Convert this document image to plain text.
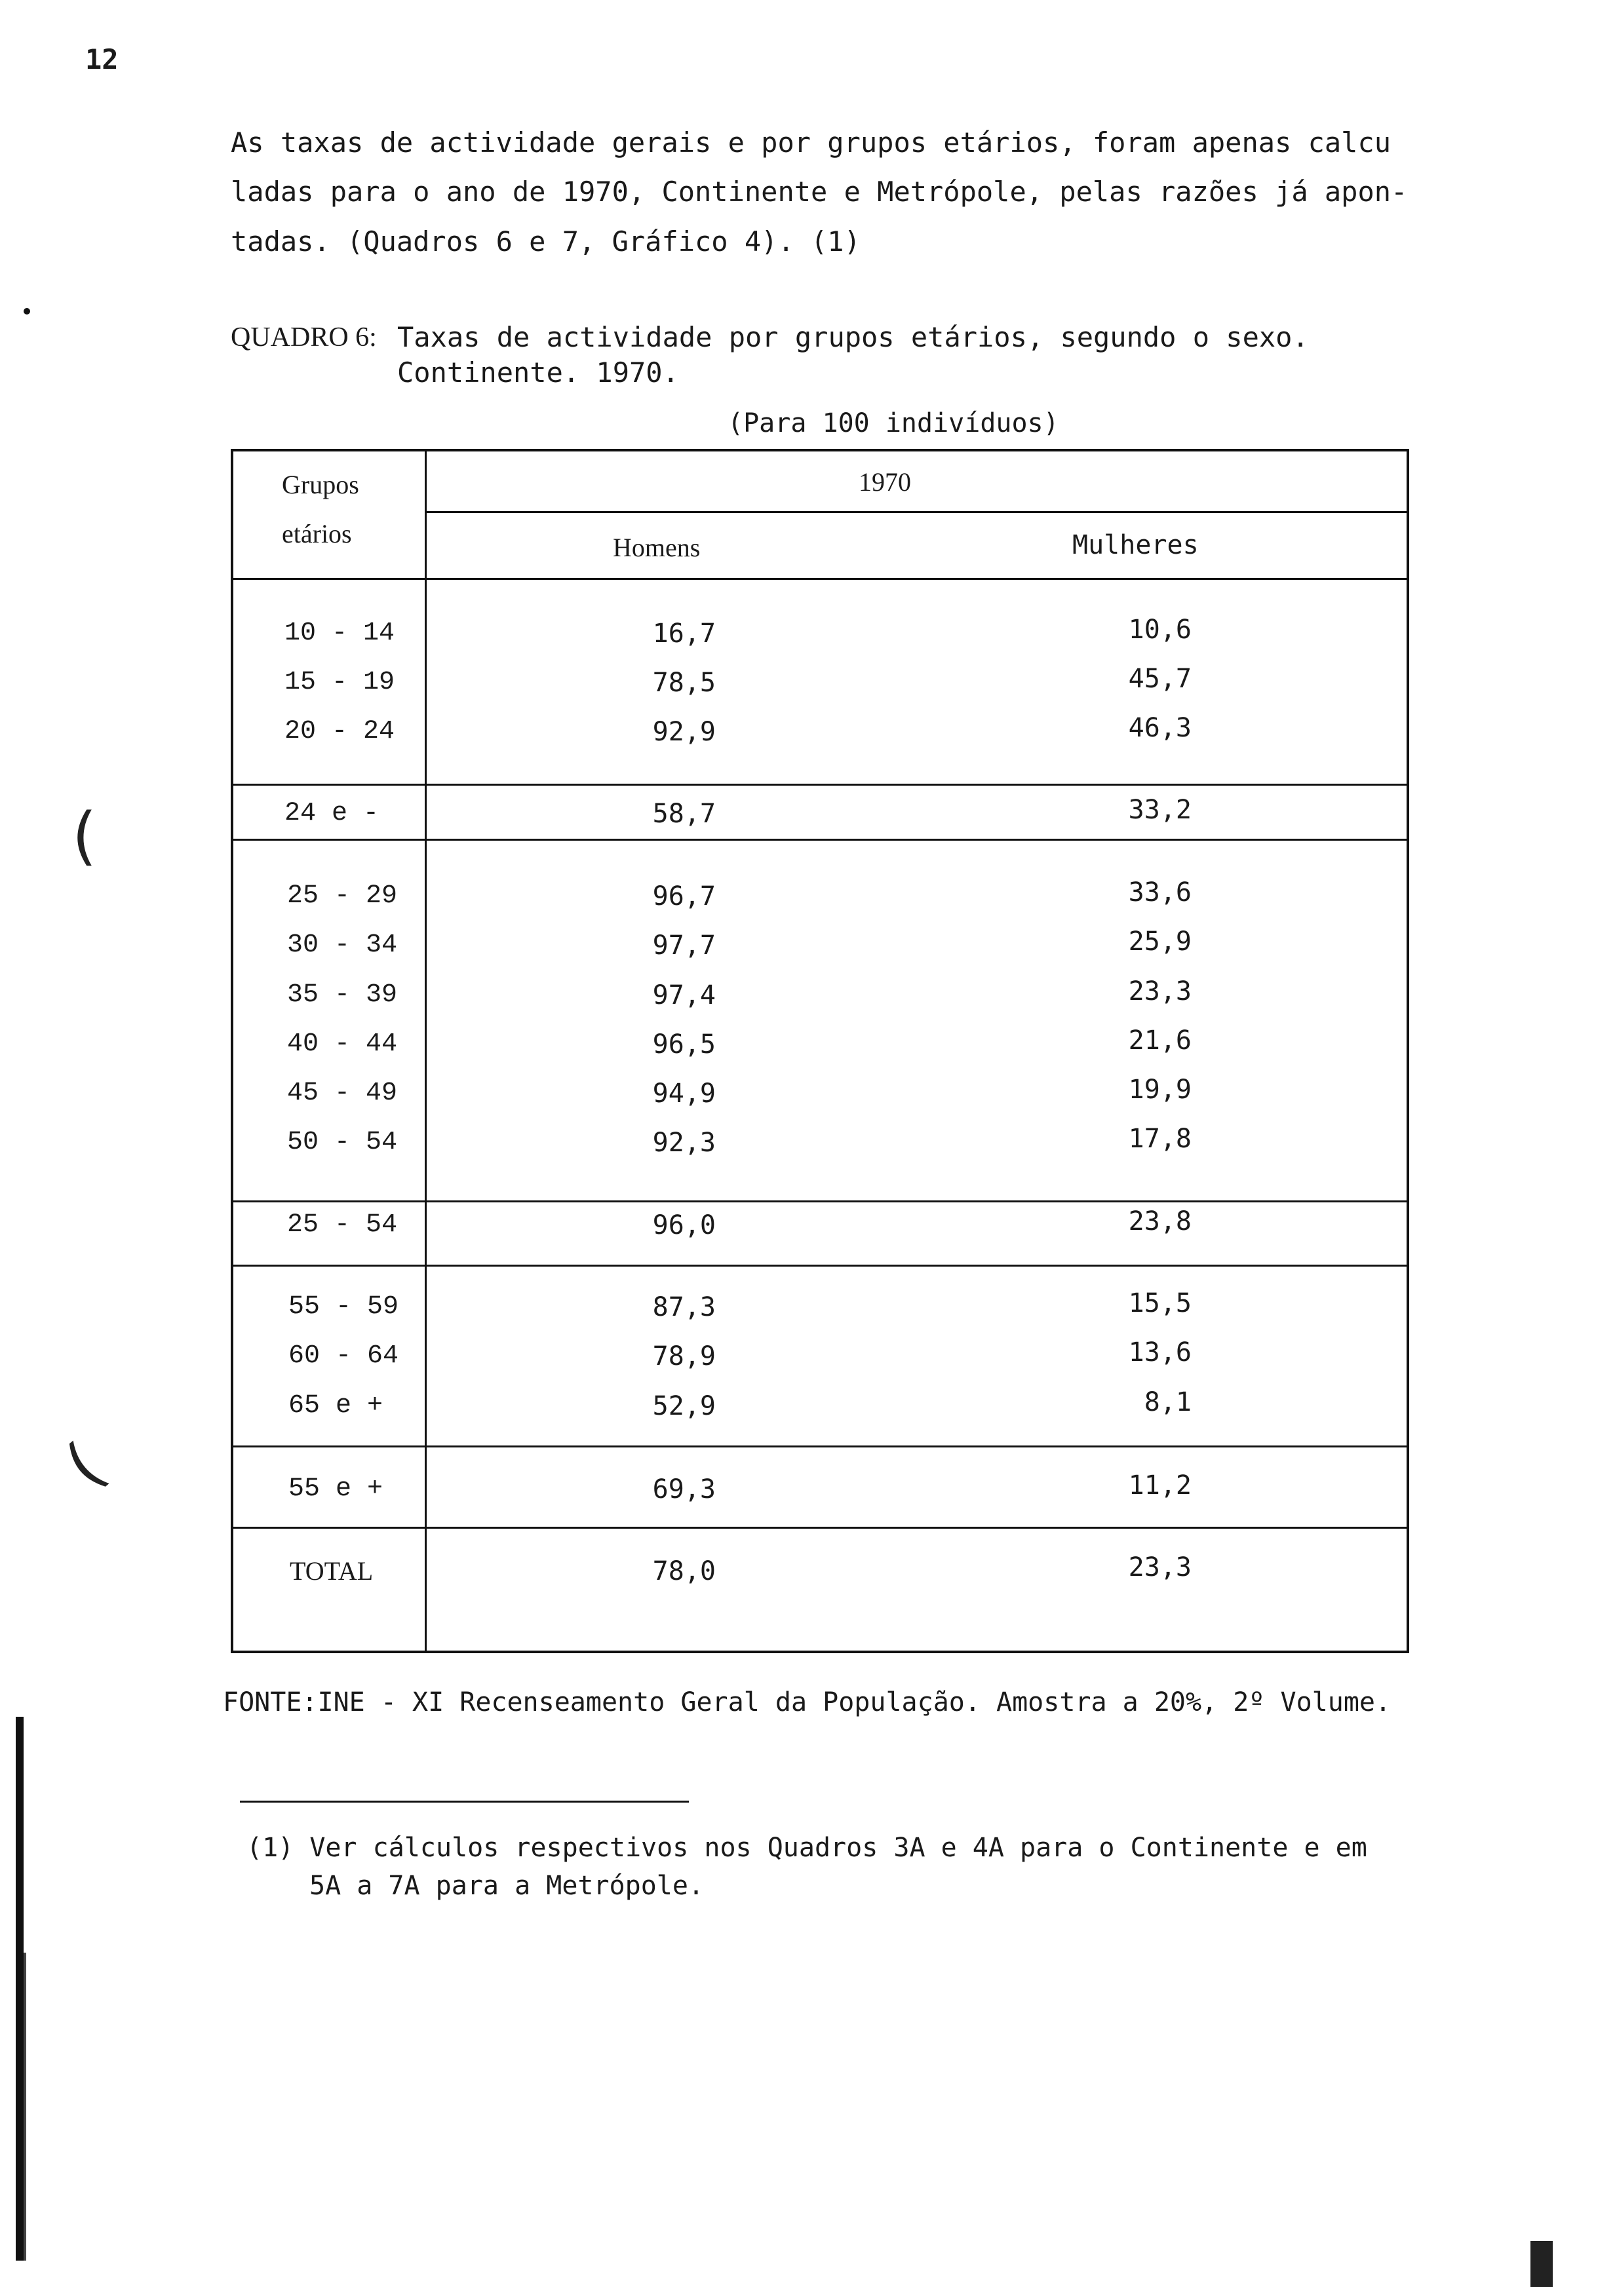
12
As taxas de actividade gerais e por grupos etários, foram apenas calcu
ladas para o ano de 1970, Continente e Metrópole, pelas razões já apon-
tadas. (Quadros 6 e 7, Gráfico 4). (1)
QUADRO 6: Taxas de actividade por grupos etários, segundo o sexo.
Continente. 1970.
(Para 100 indivíduos)
Grupos
etários
1970
Homens	Mulheres
10 - 14	16,7	10,6
15 - 19	78,5	45,7
20 - 24	92,9	46,3
24 e -	58,7	33,2
25 - 29	96,7	33,6
30 - 34	97,7	25,9
35 - 39	97,4	23,3
40 - 44	96,5	21,6
45 - 49	94,9	19,9
50 - 54	92,3	17,8
25 - 54	96,0	23,8
55 - 59	87,3	15,5
60 - 64	78,9	13,6
65 e +	52,9	8,1
55 e +	69,3	11,2
TOTAL	78,0	23,3
FONTE:INE - XI Recenseamento Geral da População. Amostra a 20%, 2º Volume.
(1) Ver cálculos respectivos nos Quadros 3A e 4A para o Continente e em
5A a 7A para a Metrópole.
(
(
